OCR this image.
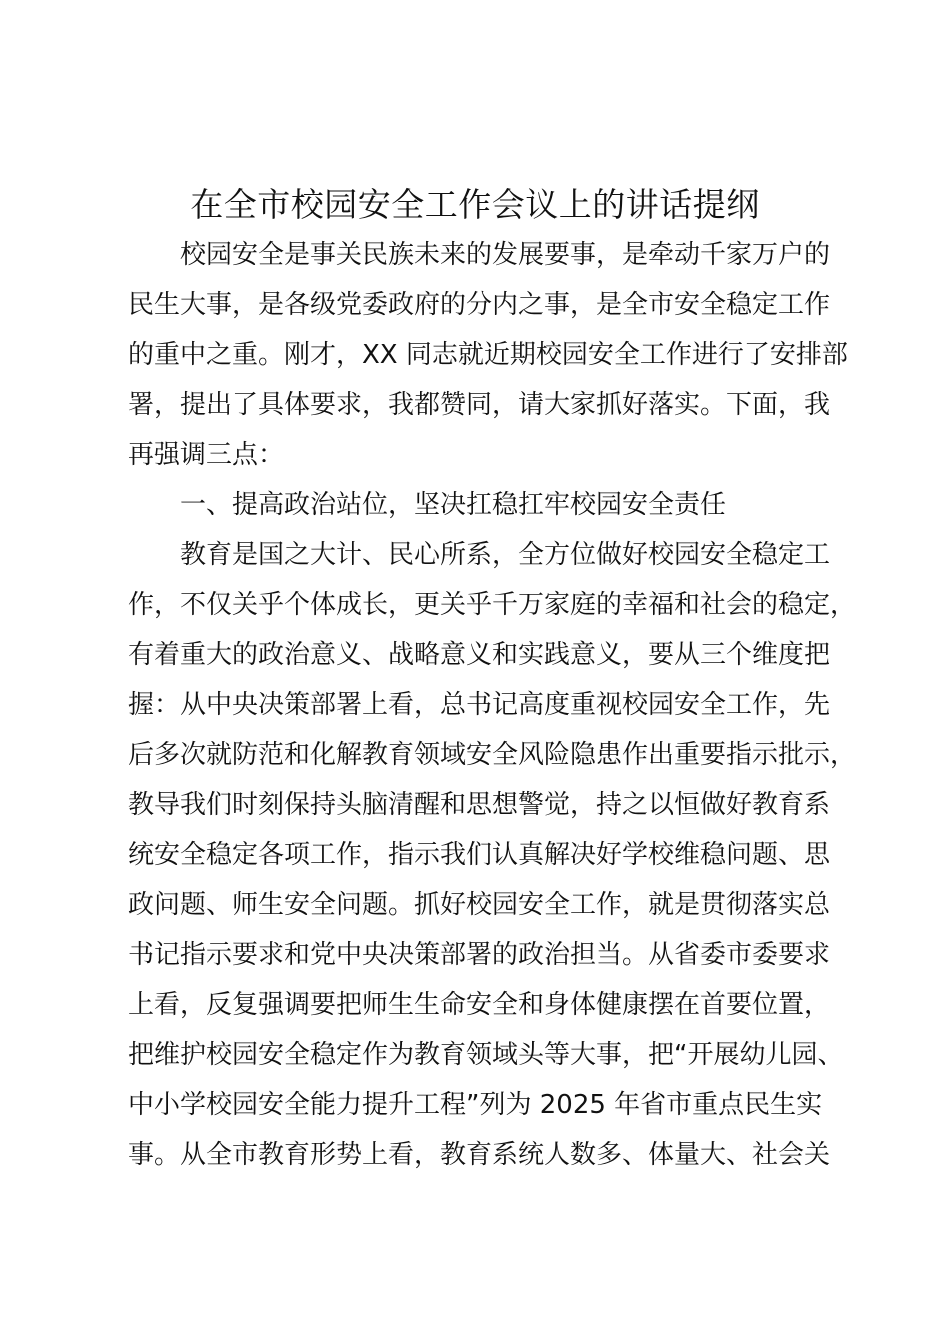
在全市校园安全工作会议上的讲话提纲
校园安全是事关民族未来的发展要事，是牵动千家万户的
民生大事，是各级党委政府的分内之事，是全市安全稳定工作
的重中之重。刚才，XX 同志就近期校园安全工作进行了安排部
署，提出了具体要求，我都赞同，请大家抓好落实。下面，我
再强调三点：
一、提高政治站位，坚决扛稳扛牢校园安全责任
教育是国之大计、民心所系，全方位做好校园安全稳定工
作，不仅关乎个体成长，更关乎千万家庭的幸福和社会的稳定，
有着重大的政治意义、战略意义和实践意义，要从三个维度把
握：从中央决策部署上看，总书记高度重视校园安全工作，先
后多次就防范和化解教育领域安全风险隐患作出重要指示批示，
教导我们时刻保持头脑清醒和思想警觉，持之以恒做好教育系
统安全稳定各项工作，指示我们认真解决好学校维稳问题、思
政问题、师生安全问题。抓好校园安全工作，就是贯彻落实总
书记指示要求和党中央决策部署的政治担当。从省委市委要求
上看，反复强调要把师生生命安全和身体健康摆在首要位置，
把维护校园安全稳定作为教育领域头等大事，把“开展幼儿园、
中小学校园安全能力提升工程”列为 2025 年省市重点民生实
事。从全市教育形势上看，教育系统人数多、体量大、社会关
